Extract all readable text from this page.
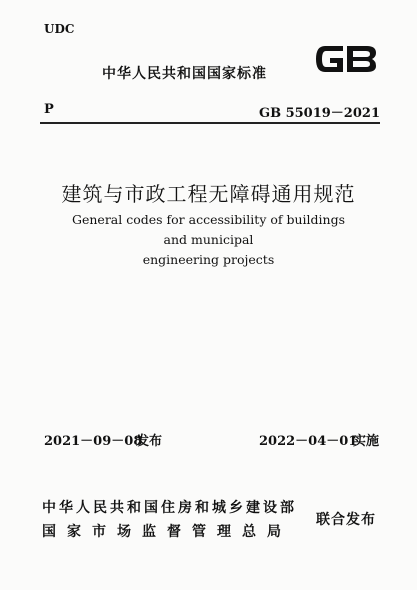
UDC
中华人民共和国国家标准
P	GB 55019－2021
建筑与市政工程无障碍通用规范
General codes for accessibility of buildings and municipal
engineering projects
2021－09－08
发布	2022－04－01
实施
中华人民共和国住房和城乡建设部
国家市场监督管理总局
联合发布
